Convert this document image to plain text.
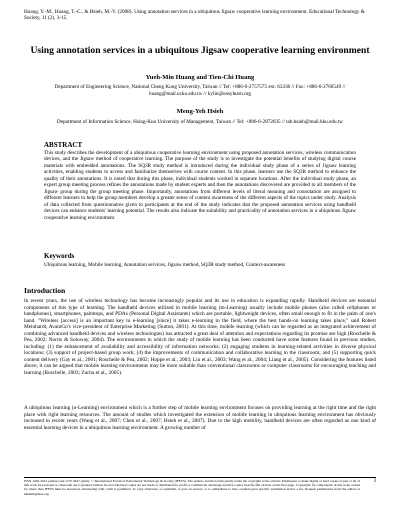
Huang, Y.-M., Huang, T.-C., & Hsieh, M.-Y. (2008). Using annotation services in a ubiquitous Jigsaw cooperative learning environment. Educational Technology & Society, 11 (2), 3-15.
Using annotation services in a ubiquitous Jigsaw cooperative learning environment
Yueh-Min Huang and Tien-Chi Huang
Department of Engineering Science, National Cheng Kung University, Taiwan // Tel: +886-6-2757575 ext. 63336 // Fax: +886-6-2766549 // huang@mail.ncku.edu.tw // kylin@easylearn.org
Meng-Yeh Hsieh
Department of Information Science, Hsing-Kuo University of Management, Taiwan // Tel: +886-6-2872035 // tab.hsieh@mail.hku.edu.tw
ABSTRACT
This study describes the development of a ubiquitous cooperative learning environment using proposed annotation services, wireless communication devices, and the Jigsaw method of cooperative learning. The purpose of the study is to investigate the potential benefits of studying digital course materials with embedded annotations. The SQ3R study method is introduced during the individual study phase of a series of Jigsaw learning activities, enabling students to access and familiarize themselves with course content. In this phase, learners use the SQ3R method to enhance the quality of their annotations. It is noted that during this phase, individual students worked in separate locations. After the individual study phase, an expert group meeting process refines the annotations made by student experts and then the annotations discovered are provided to all members of the Jigsaw group during the group meeting phase. Importantly, annotations from different levels of literal meaning and connotation are assigned to different learners to help the group members develop a greater sense of content awareness of the different aspects of the topics under study. Analysis of data collected from questionnaires given to participants at the end of the study indicates that the proposed annotation services using handheld devices can enhance students' learning potential. The results also indicate the suitability and practicality of annotation services in a ubiquitous Jigsaw cooperative learning environment.
Keywords
Ubiquitous learning, Mobile learning, Annotation services, Jigsaw method, SQ3R study method, Context-awareness
Introduction
In recent years, the use of wireless technology has become increasingly popular and its use in education is expanding rapidly. Handheld devices are essential components of this type of learning. The handheld devices utilized in mobile learning (m-Learning) usually include mobile phones (also called cellphones or handphones), smartphones, palmtops, and PDAs (Personal Digital Assistants) which are portable, lightweight devices, often small enough to fit in the palm of one's hand. "Wireless [access] is an important key to e-learning [since] it takes e-learning to the field, where the best hands-on learning takes place," said Robert Meinhardt, AvantGo's vice-president of Enterprise Marketing (Sutton, 2001). At this time, mobile learning (which can be regarded as an integrated achievement of combining advanced handheld devices and wireless technologies) has attracted a great deal of attention and expectations regarding its promise are high (Roschelle & Pea, 2002; Norris & Soloway, 2004). The environments in which the study of mobile learning has been conducted have some features found in previous studies, including: (1) the enhancement of availability and accessibility of information networks; (2) engaging students in learning-related activities in diverse physical locations; (3) support of project-based group work; (4) the improvements of communication and collaborative learning in the classroom; and (5) supporting quick content delivery (Gay et al., 2001; Roschelle & Pea, 2002; Hoppe et al., 2003; Liu et al., 2003; Wang et al., 2004; Liang et al., 2005). Considering the features listed above, it can be argued that mobile learning environments may be more suitable than conventional classrooms or computer classrooms for encouraging teaching and learning (Roschelle, 2003; Zurita et al., 2005).
A ubiquitous learning (u-Learning) environment which is a further step of mobile learning environment focuses on providing learning at the right time and the right place with right learning resources. The amount of studies which investigated the extension of mobile learning in ubiquitous learning environment has obviously increased in recent years (Wang et al., 2007; Chen et al., 2007; Hsieh et al., 2007). Due to the high mobility, handheld devices are often regarded as one kind of essential learning devices in a ubiquitous learning environment. A growing number of
ISSN 1436-4522 (online) and 1176-3647 (print). © International Forum of Educational Technology & Society (IFETS). The authors and the forum jointly retain the copyright of the articles. Permission to make digital or hard copies of part or all of this work for personal or classroom use is granted without fee provided that copies are not made or distributed for profit or commercial advantage and that copies bear the full citation on the first page. Copyrights for components of this work owned by others than IFETS must be honoured. Abstracting with credit is permitted. To copy otherwise, to republish, to post on servers, or to redistribute to lists, requires prior specific permission and/or a fee. Request permissions from the editors at kinshuk@ieee.org.
3
